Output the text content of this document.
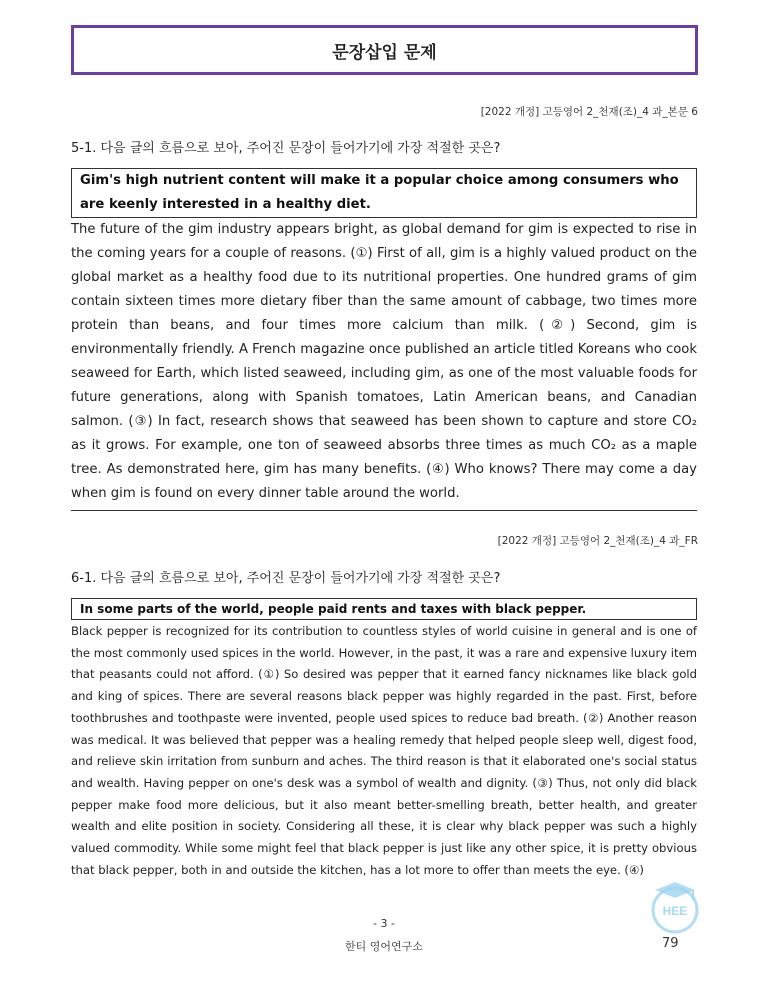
문장삽입 문제
[2022 개정] 고등영어 2_천재(조)_4 과_본문 6
5-1. 다음 글의 흐름으로 보아, 주어진 문장이 들어가기에 가장 적절한 곳은?
Gim's high nutrient content will make it a popular choice among consumers who are keenly interested in a healthy diet.

The future of the gim industry appears bright, as global demand for gim is expected to rise in the coming years for a couple of reasons. (①) First of all, gim is a highly valued product on the global market as a healthy food due to its nutritional properties. One hundred grams of gim contain sixteen times more dietary fiber than the same amount of cabbage, two times more protein than beans, and four times more calcium than milk. (②) Second, gim is environmentally friendly. A French magazine once published an article titled Koreans who cook seaweed for Earth, which listed seaweed, including gim, as one of the most valuable foods for future generations, along with Spanish tomatoes, Latin American beans, and Canadian salmon. (③) In fact, research shows that seaweed has been shown to capture and store CO₂ as it grows. For example, one ton of seaweed absorbs three times as much CO₂ as a maple tree. As demonstrated here, gim has many benefits. (④) Who knows? There may come a day when gim is found on every dinner table around the world.

[2022 개정] 고등영어 2_천재(조)_4 과_FR
6-1. 다음 글의 흐름으로 보아, 주어진 문장이 들어가기에 가장 적절한 곳은?
In some parts of the world, people paid rents and taxes with black pepper.

Black pepper is recognized for its contribution to countless styles of world cuisine in general and is one of the most commonly used spices in the world. However, in the past, it was a rare and expensive luxury item that peasants could not afford. (①) So desired was pepper that it earned fancy nicknames like black gold and king of spices. There are several reasons black pepper was highly regarded in the past. First, before toothbrushes and toothpaste were invented, people used spices to reduce bad breath. (②) Another reason was medical. It was believed that pepper was a healing remedy that helped people sleep well, digest food, and relieve skin irritation from sunburn and aches. The third reason is that it elaborated one's social status and wealth. Having pepper on one's desk was a symbol of wealth and dignity. (③) Thus, not only did black pepper make food more delicious, but it also meant better-smelling breath, better health, and greater wealth and elite position in society. Considering all these, it is clear why black pepper was such a highly valued commodity. While some might feel that black pepper is just like any other spice, it is pretty obvious that black pepper, both in and outside the kitchen, has a lot more to offer than meets the eye. (④)

- 3 -
한티 영어연구소
HEE
79
